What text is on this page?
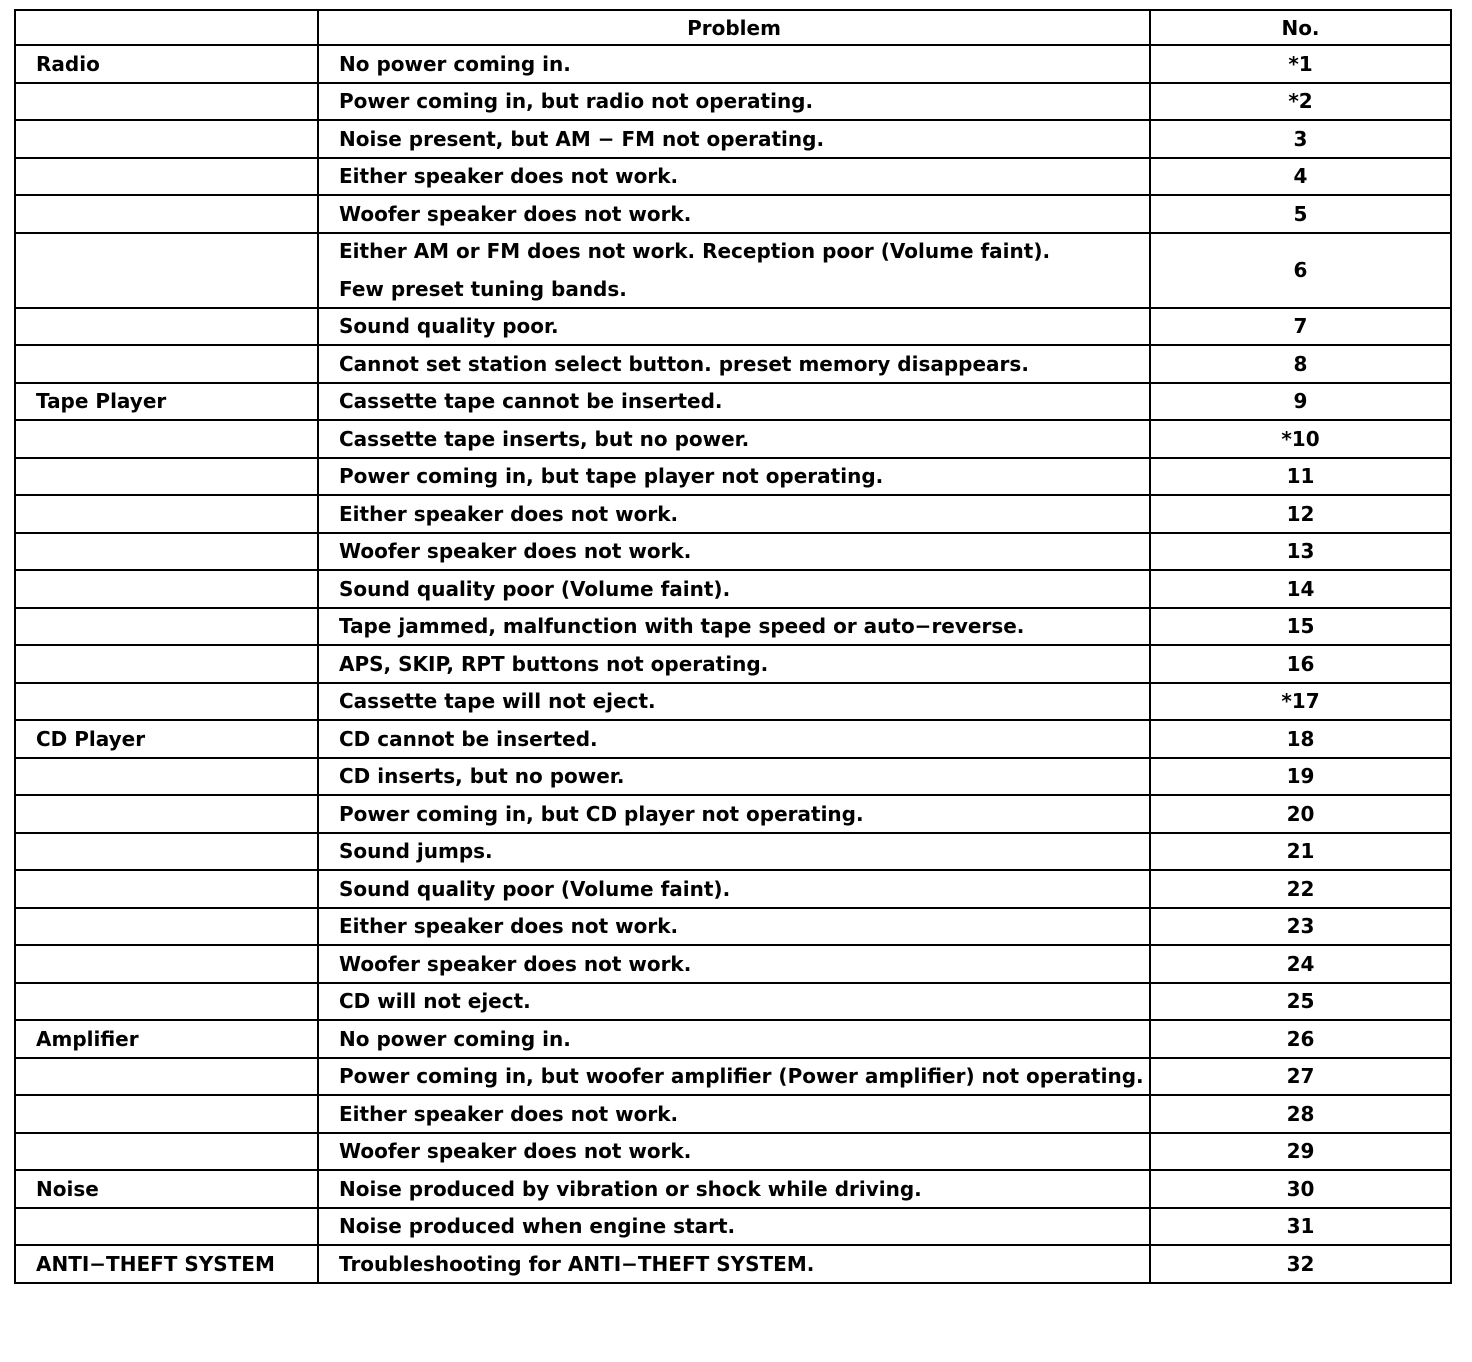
	Problem	No.
Radio	No power coming in.	*1

	Power coming in, but radio not operating.	*2

	Noise present, but AM − FM not operating.	3

	Either speaker does not work.	4

	Woofer speaker does not work.	5

	Either AM or FM does not work. Reception poor (Volume faint).
Few preset tuning bands.	6

	Sound quality poor.	7

	Cannot set station select button. preset memory disappears.	8
Tape Player	Cassette tape cannot be inserted.	9

	Cassette tape inserts, but no power.	*10

	Power coming in, but tape player not operating.	11

	Either speaker does not work.	12

	Woofer speaker does not work.	13

	Sound quality poor (Volume faint).	14

	Tape jammed, malfunction with tape speed or auto−reverse.	15

	APS, SKIP, RPT buttons not operating.	16

	Cassette tape will not eject.	*17
CD Player	CD cannot be inserted.	18

	CD inserts, but no power.	19

	Power coming in, but CD player not operating.	20

	Sound jumps.	21

	Sound quality poor (Volume faint).	22

	Either speaker does not work.	23

	Woofer speaker does not work.	24

	CD will not eject.	25
Amplifier	No power coming in.	26

	Power coming in, but woofer amplifier (Power amplifier) not operating.	27

	Either speaker does not work.	28

	Woofer speaker does not work.	29
Noise	Noise produced by vibration or shock while driving.	30

	Noise produced when engine start.	31
ANTI−THEFT SYSTEM	Troubleshooting for ANTI−THEFT SYSTEM.	32
